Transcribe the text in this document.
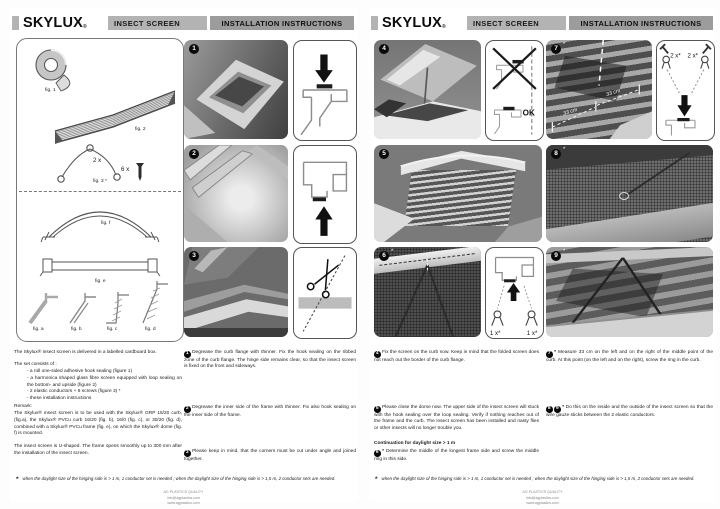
INSTALLATION INSTRUCTIONS
SKYLUX ®	INSECT SCREEN
fig. 1
fig. 2
2 x
6 x
fig. 3 *
fig. f
fig. e
fig. a	fig. b	fig. c	fig. d
1
2
3
The Skylux® insect screen is delivered in a labelled cardboard box.
The set consists of :
- a roll one-sided adhesive hook sealing (figure 1)
- a harmonica shaped glass fibre screen equipped with loop sealing on the bottom- and upside (figure 2)
- 2 elastic conductors + 6 screws (figure 3) *
- these installation instructions
Remark:
The Skylux® insect screen is to be used with the Skylux® GRP 15/20 curb, (fig.a), the Skylux® PVCu curb 16/20 (fig. b), 16/0 (fig. c), or 30/20 (fig. d), combined with a Skylux® PVCu frame (fig. e), on which the Skylux® dome (fig. f) is mounted.
The insect screen is U-shaped. The frame opens smoothly up to 300 mm after the installation of the insect screen.
1 Degrease the curb flange with thinner. Fix the hook sealing on the ribbed zone of the curb flange. The hinge side remains clear, so that the insect screen is fixed on the front and sideways.
2 Degrease the inner side of the frame with thinner. Fix also hook sealing on the inner side of the frame.
3 Please keep in mind, that the corners must be cut under angle and joined together.
* when the daylight size of the hinging side is > 1 m, 1 conductor set is needed ; when the daylight size of the hinging side is > 1,5 m, 2 conductor sets are needed.
AG PLASTICS QUALITY
info@agplastics.com
www.agplastics.com
INSTALLATION INSTRUCTIONS
SKYLUX ®	INSECT SCREEN
4
OK
5
6 *
1 x*	1 x*
7 *
33 cm
33 cm
2 x* 2 x*
8 *
9 *
4 Fix the screen on the curb now. Keep in mind that the folded screen does not reach out the border of the curb flange.
5 Please close the dome now. The upper side of the insect screen will stuck with the hook sealing over the loop sealing. Verify if nothing reaches out of the frame and the curb. The insect screen has been installed and nasty flies or other insects will no longer trouble you.
Continuation for daylight size > 1 m
6 * Determine the middle of the longest frame side and screw the middle ring in this side.
7 * Measure 33 cm on the left and on the right of the middle point of the curb. At this point (on the left and on the right), screw the ring in the curb.
8 9 * Do this on the inside and the outside of the insect screen so that the wire gauze sticks between the 2 elastic conductors.
* when the daylight size of the hinging side is > 1 m, 1 conductor set is needed ; when the daylight size of the hinging side is > 1,5 m, 2 conductor sets are needed.
AG PLASTICS QUALITY
info@agplastics.com
www.agplastics.com
